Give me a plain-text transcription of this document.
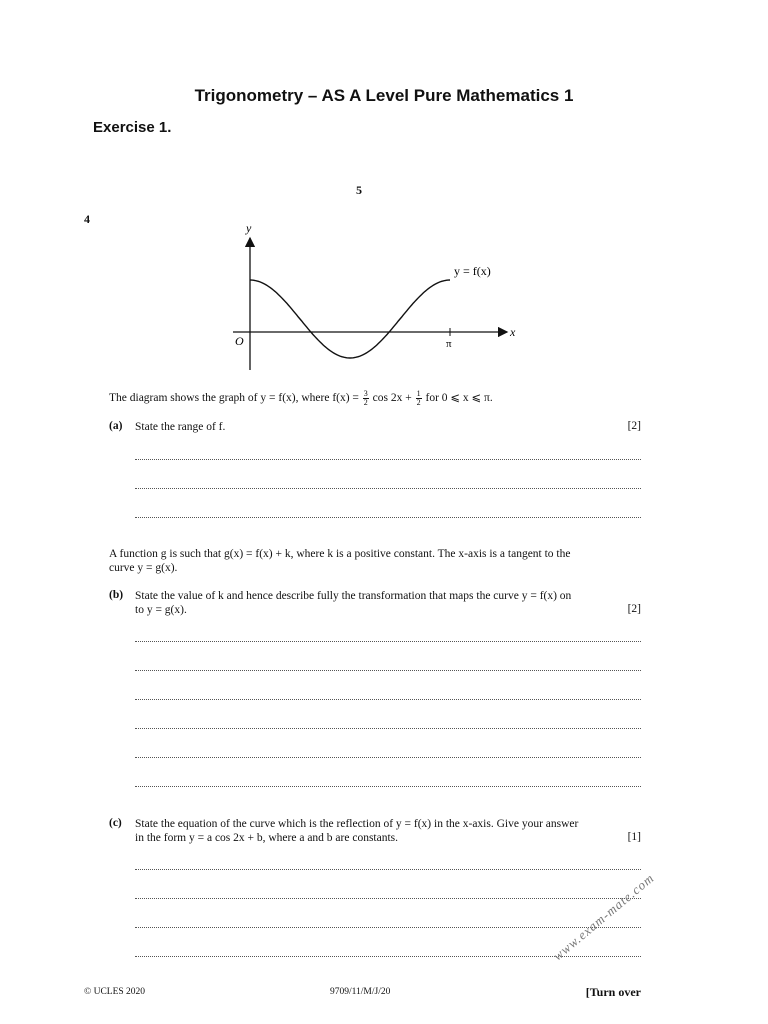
Trigonometry – AS A Level Pure Mathematics 1
Exercise 1.
5
4
y
x
O	π
y = f(x)
The diagram shows the graph of y = f(x), where $f(x) = \frac{3}{2}$ $\cos 2x + \frac{1}{2}$ for 0 ⩽ x ⩽ π.
(a) State the range of f.	[2]
A function g is such that g(x) = f(x) + k, where k is a positive constant. The x-axis is a tangent to the
curve y = g(x).
(b) State the value of k and hence describe fully the transformation that maps the curve y = f(x) on
to y = g(x).	[2]
(c) State the equation of the curve which is the reflection of y = f(x) in the x-axis. Give your answer
in the form y = a cos 2x + b, where a and b are constants.	[1]
© UCLES 2020	9709/11/M/J/20	[Turn over
www.exam-mate.com
